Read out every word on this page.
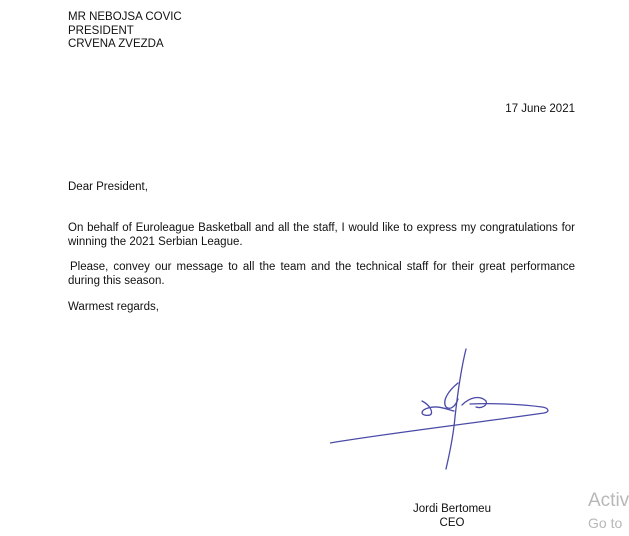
MR NEBOJSA COVIC
PRESIDENT
CRVENA ZVEZDA
17 June 2021
Dear President,
On behalf of Euroleague Basketball and all the staff, I would like to express my congratulations for winning the 2021 Serbian League.
Please, convey our message to all the team and the technical staff for their great performance during this season.
Warmest regards,
Jordi Bertomeu
CEO
Activ
Go to
